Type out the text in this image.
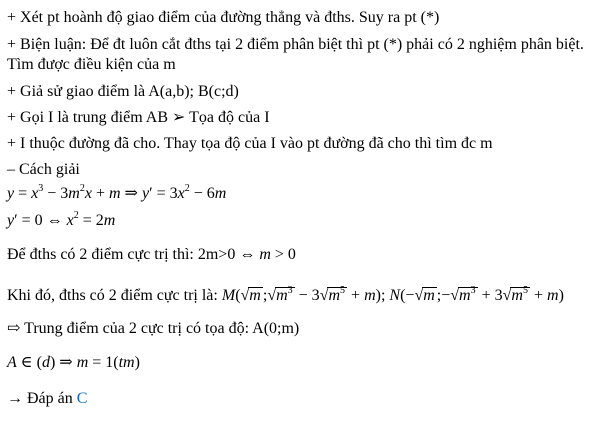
+ Xét pt hoành độ giao điểm của đường thẳng và đths. Suy ra pt (*)
+ Biện luận: Để đt luôn cắt đths tại 2 điểm phân biệt thì pt (*) phải có 2 nghiệm phân biệt. Tìm được điều kiện của m
+ Giả sử giao điểm là A(a,b); B(c;d)
+ Gọi I là trung điểm AB ➢ Tọa độ của I
+ I thuộc đường đã cho. Thay tọa độ của I vào pt đường đã cho thì tìm đc m
– Cách giải
$y = x^3 - 3m^2x + m$ ⇒ $y' = 3x^2 - 6m$
y′ = 0 ⇔ $x^2 = 2m$
Để đths có 2 điểm cực trị thì: 2m>0 ⇔ m > 0
Khi đó, đths có 2 điểm cực trị là: M(√m $;√m^3 - 3√m^5 + m$); N(−√m $;-√m^3 + 3√m^5 + m$)
⇨ Trung điểm của 2 cực trị có tọa độ: A(0;m)
A ∈ (d) ⇒ m = 1(tm)
→ Đáp án C
